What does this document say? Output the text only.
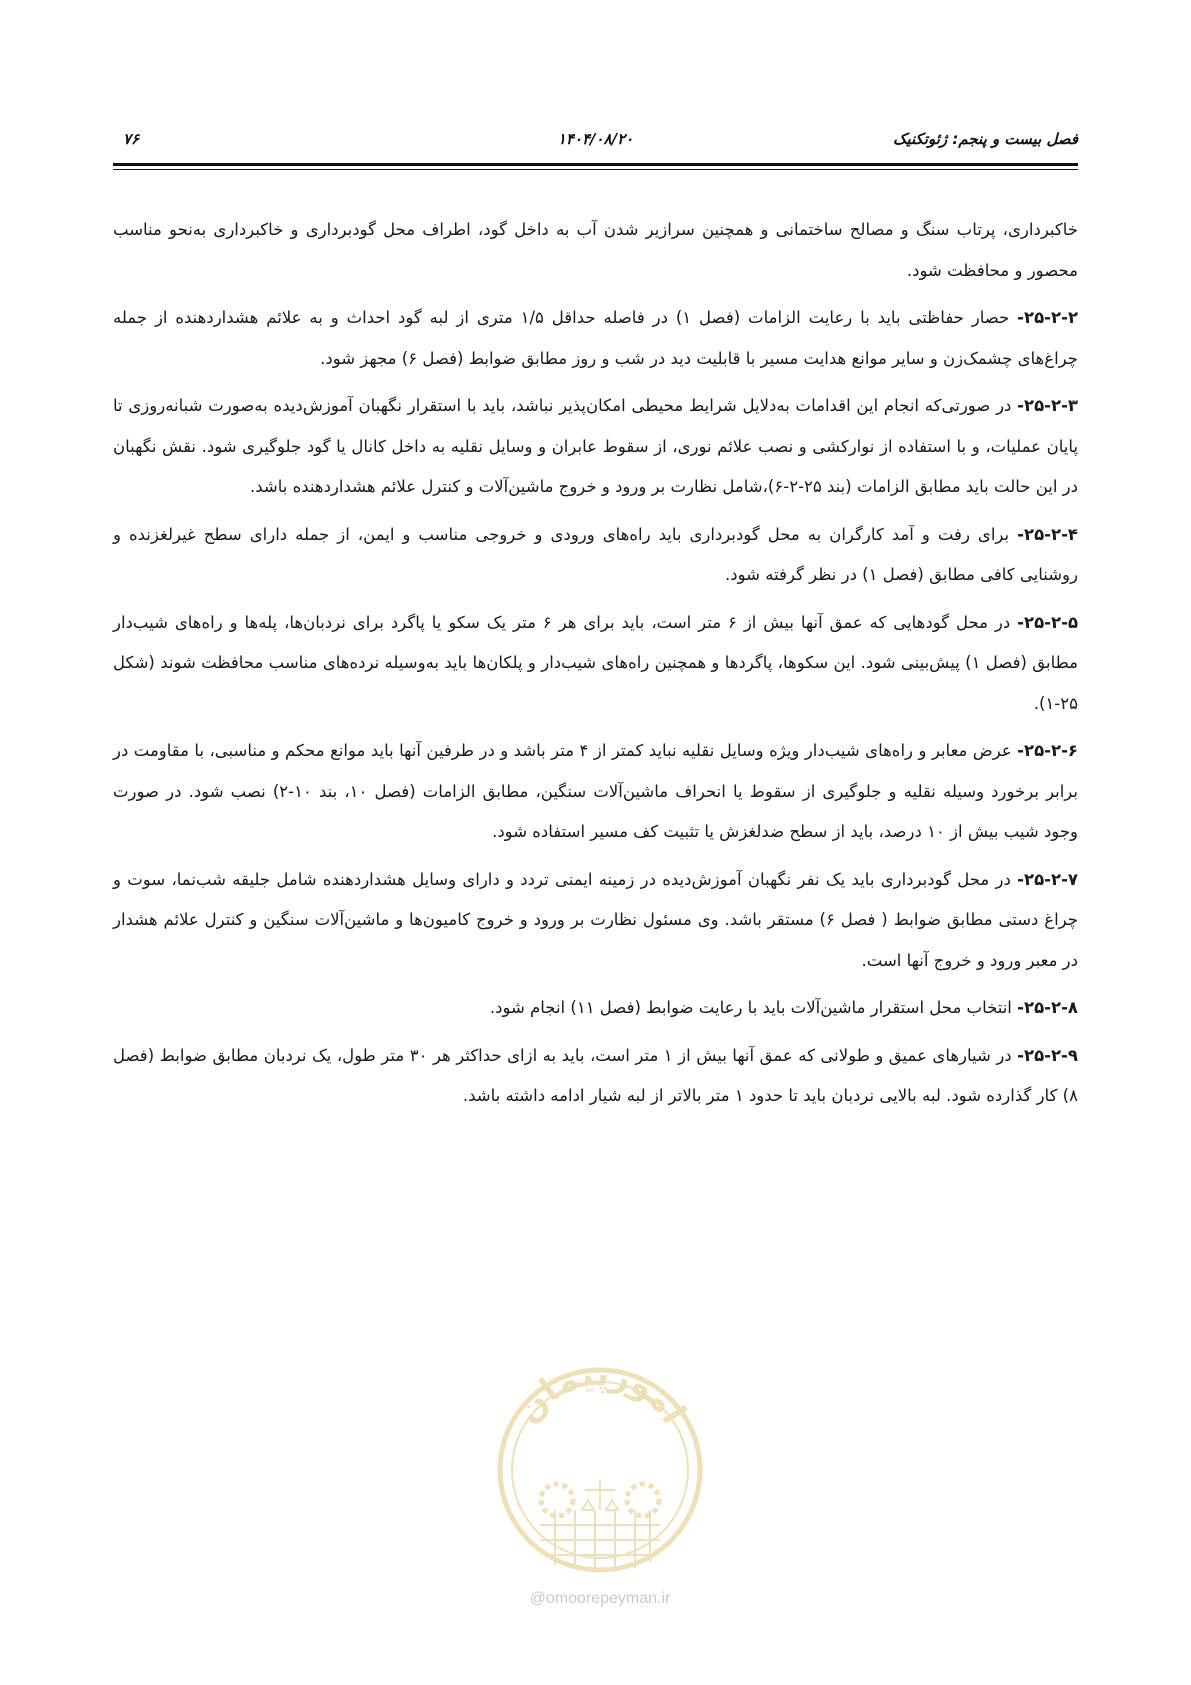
۷۶	۱۴۰۴/۰۸/۲۰	فصل بیست و پنجم: ژئوتکنیک

خاکبرداری، پرتاب سنگ و مصالح ساختمانی و همچنین سرازیر شدن آب به داخل گود، اطراف محل گودبرداری و خاکبرداری به‌نحو مناسب محصور و محافظت شود.

۲۵-۲-۲- حصار حفاظتی باید با رعایت الزامات (فصل ۱) در فاصله حداقل ۱/۵ متری از لبه گود احداث و به علائم هشداردهنده از جمله چراغ‌های چشمک‌زن و سایر موانع هدایت مسیر با قابلیت دید در شب و روز مطابق ضوابط (فصل ۶) مجهز شود.

۲۵-۲-۳- در صورتی‌که انجام این اقدامات به‌دلایل شرایط محیطی امکان‌پذیر نباشد، باید با استقرار نگهبان آموزش‌دیده به‌صورت شبانه‌روزی تا پایان عملیات، و با استفاده از نوارکشی و نصب علائم نوری، از سقوط عابران و وسایل نقلیه به داخل کانال یا گود جلوگیری شود. نقش نگهبان در این حالت باید مطابق الزامات (بند ۲۵-۲-۶)،شامل نظارت بر ورود و خروج ماشین‌آلات و کنترل علائم هشداردهنده باشد.

۲۵-۲-۴- برای رفت و آمد کارگران به محل گودبرداری باید راه‌های ورودی و خروجی مناسب و ایمن، از جمله دارای سطح غیرلغزنده و روشنایی کافی مطابق (فصل ۱) در نظر گرفته شود.

۲۵-۲-۵- در محل گودهایی که عمق آنها بیش از ۶ متر است، باید برای هر ۶ متر یک سکو یا پاگرد برای نردبان‌ها، پله‌ها و راه‌های شیب‌دار مطابق (فصل ۱) پیش‌بینی شود. این سکوها، پاگردها و همچنین راه‌های شیب‌دار و پلکان‌ها باید به‌وسیله نرده‌های مناسب محافظت شوند (شکل ۲۵-۱).

۲۵-۲-۶- عرض معابر و راه‌های شیب‌دار ویژه وسایل نقلیه نباید کمتر از ۴ متر باشد و در طرفین آنها باید موانع محکم و مناسبی، با مقاومت در برابر برخورد وسیله نقلیه و جلوگیری از سقوط یا انحراف ماشین‌آلات سنگین، مطابق الزامات (فصل ۱۰، بند ۱۰-۲) نصب شود. در صورت وجود شیب بیش از ۱۰ درصد، باید از سطح ضدلغزش یا تثبیت کف مسیر استفاده شود.

۲۵-۲-۷- در محل گودبرداری باید یک نفر نگهبان آموزش‌دیده در زمینه ایمنی تردد و دارای وسایل هشداردهنده شامل جلیقه شب‌نما، سوت و چراغ دستی مطابق ضوابط ( فصل ۶) مستقر باشد. وی مسئول نظارت بر ورود و خروج کامیون‌ها و ماشین‌آلات سنگین و کنترل علائم هشدار در معبر ورود و خروج آنها است.

۲۵-۲-۸- انتخاب محل استقرار ماشین‌آلات باید با رعایت ضوابط (فصل ۱۱) انجام شود.

۲۵-۲-۹- در شیارهای عمیق و طولانی که عمق آنها بیش از ۱ متر است، باید به ازای حداکثر هر ۳۰ متر طول، یک نردبان مطابق ضوابط (فصل ۸) کار گذارده شود. لبه بالایی نردبان باید تا حدود ۱ متر بالاتر از لبه شیار ادامه داشته باشد.

امورپیمان
@omoorepeyman.ir
